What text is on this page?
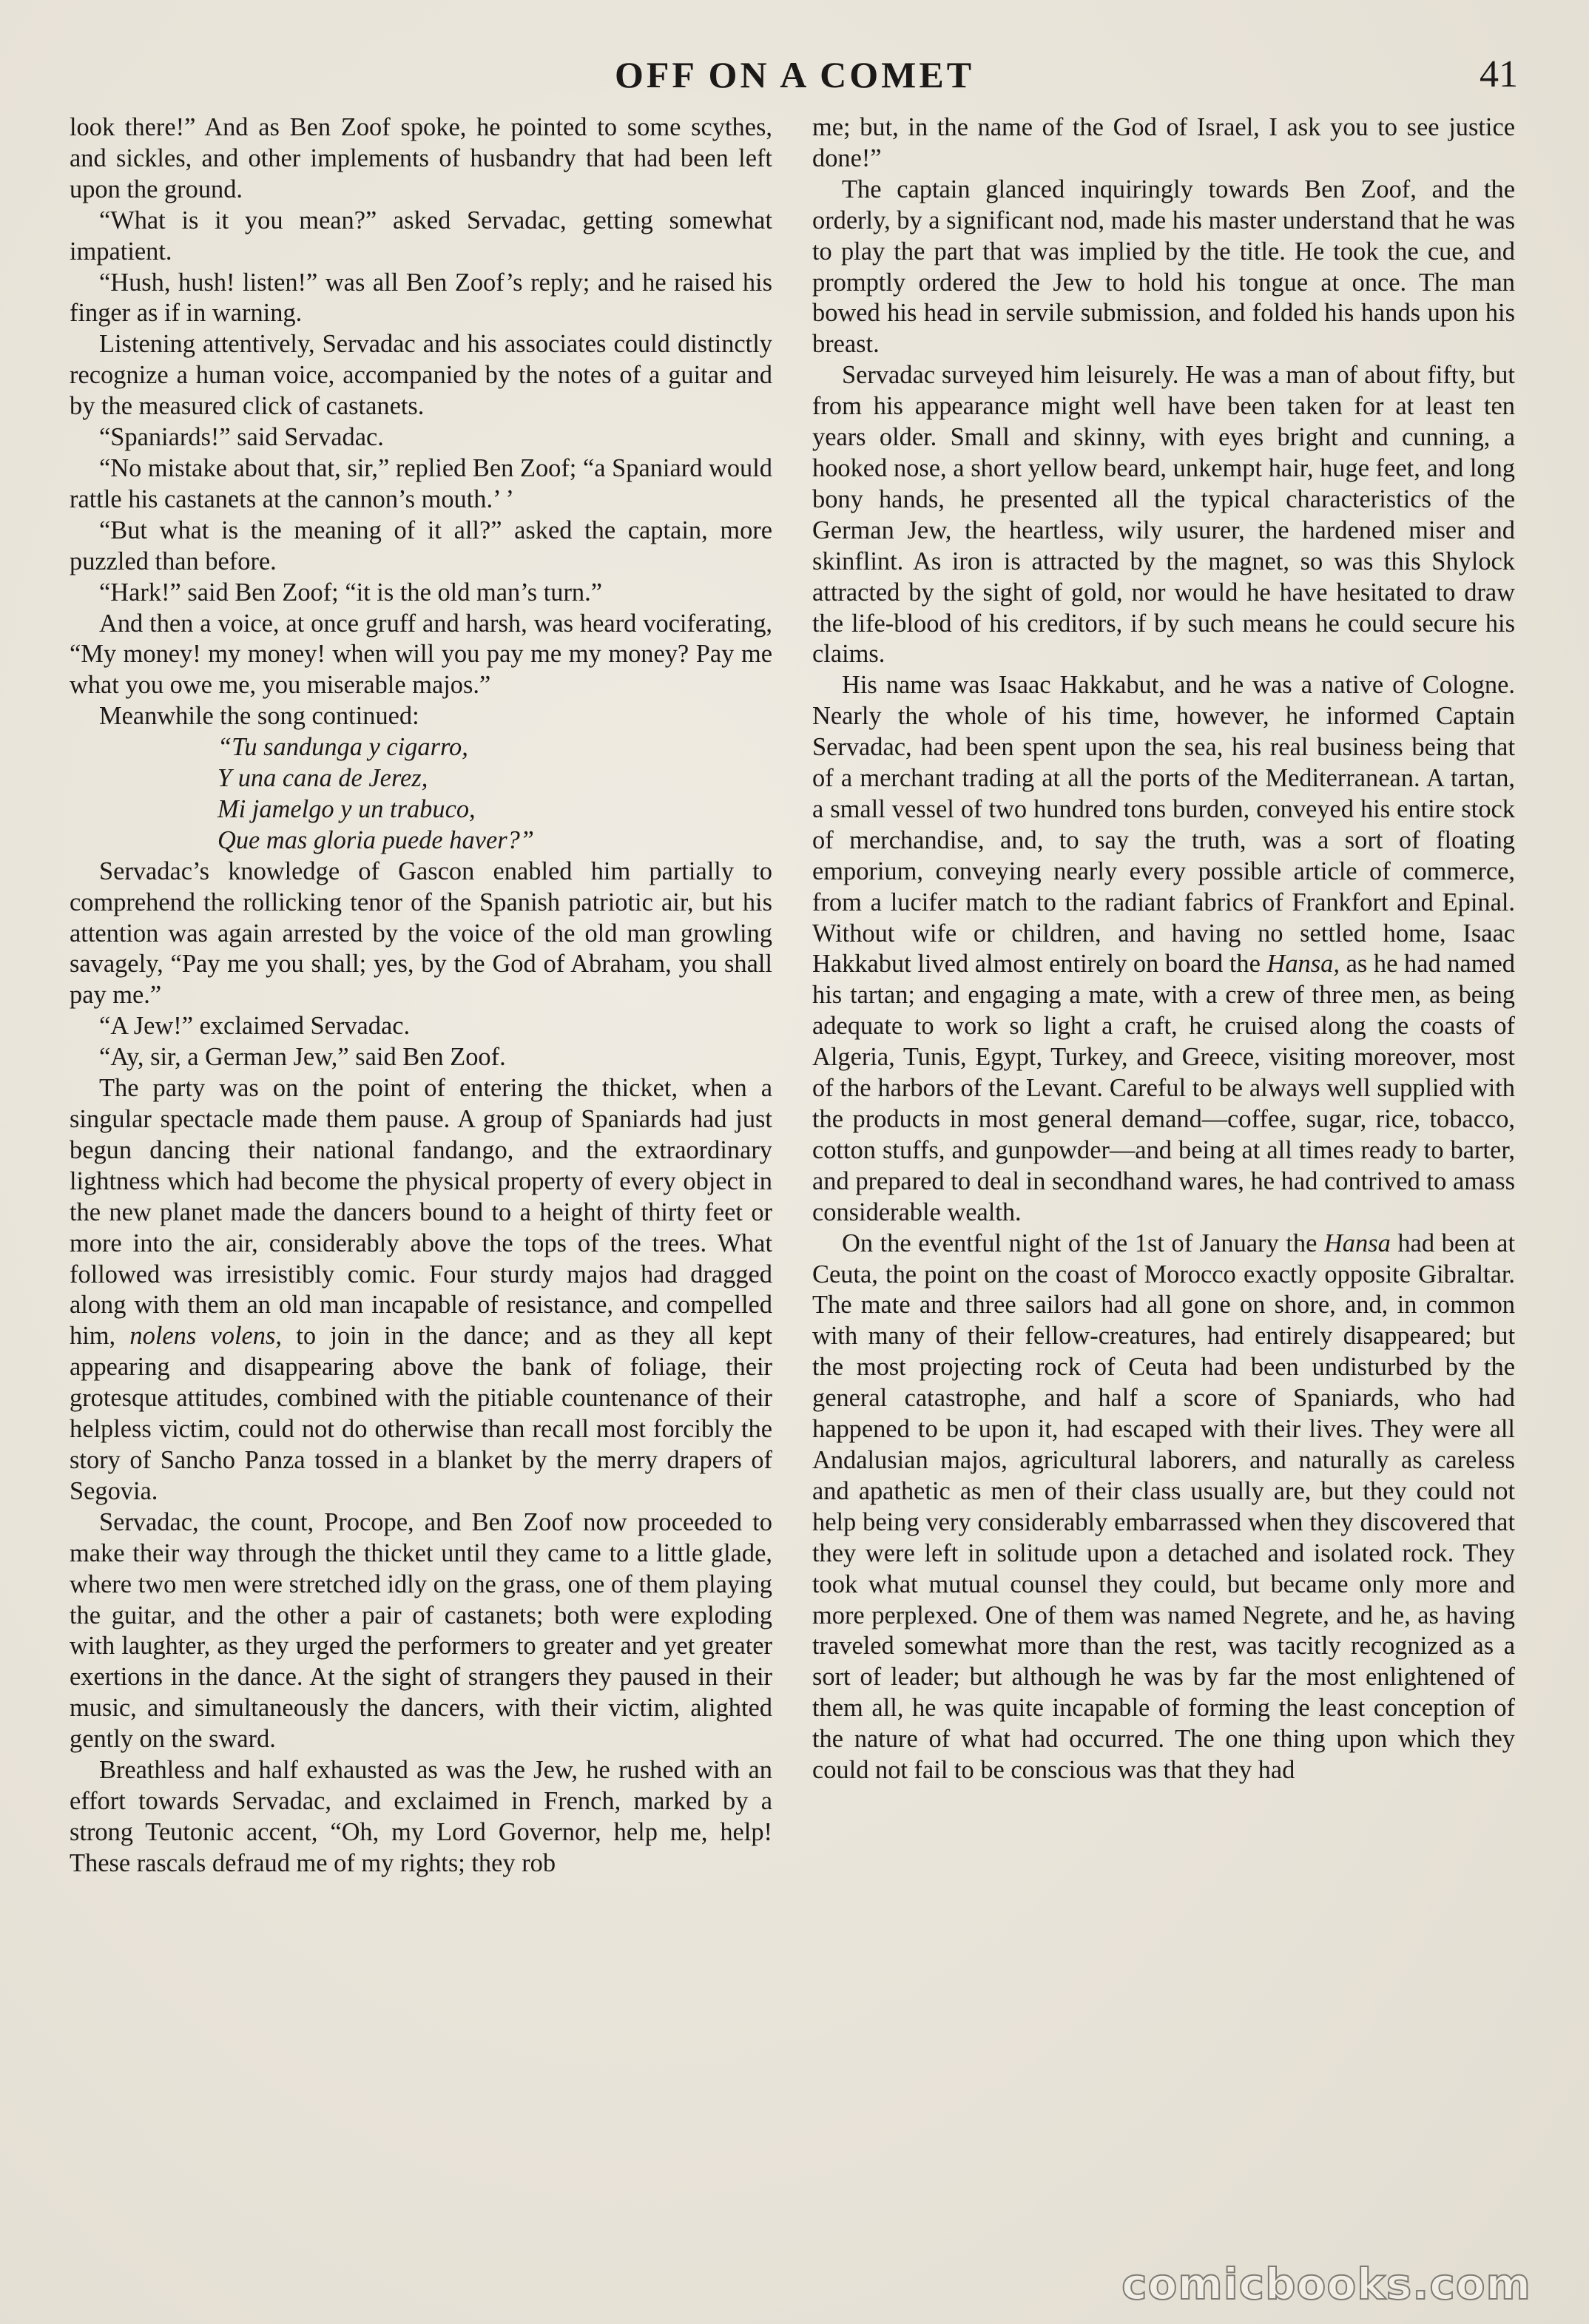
OFF ON A COMET	41

look there!” And as Ben Zoof spoke, he pointed to some scythes, and sickles, and other implements of husbandry that had been left upon the ground.

“What is it you mean?” asked Servadac, getting somewhat impatient.

“Hush, hush! listen!” was all Ben Zoof’s reply; and he raised his finger as if in warning.

Listening attentively, Servadac and his associates could distinctly recognize a human voice, accompanied by the notes of a guitar and by the measured click of castanets.

“Spaniards!” said Servadac.

“No mistake about that, sir,” replied Ben Zoof; “a Spaniard would rattle his castanets at the cannon’s mouth.’ ’

“But what is the meaning of it all?” asked the captain, more puzzled than before.

“Hark!” said Ben Zoof; “it is the old man’s turn.”

And then a voice, at once gruff and harsh, was heard vociferating, “My money! my money! when will you pay me my money? Pay me what you owe me, you miserable majos.”

Meanwhile the song continued:

“Tu sandunga y cigarro,
Y una cana de Jerez,
Mi jamelgo y un trabuco,
Que mas gloria puede haver?”

Servadac’s knowledge of Gascon enabled him partially to comprehend the rollicking tenor of the Spanish patriotic air, but his attention was again arrested by the voice of the old man growling savagely, “Pay me you shall; yes, by the God of Abraham, you shall pay me.”

“A Jew!” exclaimed Servadac.

“Ay, sir, a German Jew,” said Ben Zoof.

The party was on the point of entering the thicket, when a singular spectacle made them pause. A group of Spaniards had just begun dancing their national fandango, and the extraordinary lightness which had become the physical property of every object in the new planet made the dancers bound to a height of thirty feet or more into the air, considerably above the tops of the trees. What followed was irresistibly comic. Four sturdy majos had dragged along with them an old man incapable of resistance, and compelled him, nolens volens, to join in the dance; and as they all kept appearing and disappearing above the bank of foliage, their grotesque attitudes, combined with the pitiable countenance of their helpless victim, could not do otherwise than recall most forcibly the story of Sancho Panza tossed in a blanket by the merry drapers of Segovia.

Servadac, the count, Procope, and Ben Zoof now proceeded to make their way through the thicket until they came to a little glade, where two men were stretched idly on the grass, one of them playing the guitar, and the other a pair of castanets; both were exploding with laughter, as they urged the performers to greater and yet greater exertions in the dance. At the sight of strangers they paused in their music, and simultaneously the dancers, with their victim, alighted gently on the sward.

Breathless and half exhausted as was the Jew, he rushed with an effort towards Servadac, and exclaimed in French, marked by a strong Teutonic accent, “Oh, my Lord Governor, help me, help! These rascals defraud me of my rights; they rob

me; but, in the name of the God of Israel, I ask you to see justice done!”

The captain glanced inquiringly towards Ben Zoof, and the orderly, by a significant nod, made his master understand that he was to play the part that was implied by the title. He took the cue, and promptly ordered the Jew to hold his tongue at once. The man bowed his head in servile submission, and folded his hands upon his breast.

Servadac surveyed him leisurely. He was a man of about fifty, but from his appearance might well have been taken for at least ten years older. Small and skinny, with eyes bright and cunning, a hooked nose, a short yellow beard, unkempt hair, huge feet, and long bony hands, he presented all the typical characteristics of the German Jew, the heartless, wily usurer, the hardened miser and skinflint. As iron is attracted by the magnet, so was this Shylock attracted by the sight of gold, nor would he have hesitated to draw the life-blood of his creditors, if by such means he could secure his claims.

His name was Isaac Hakkabut, and he was a native of Cologne. Nearly the whole of his time, however, he informed Captain Servadac, had been spent upon the sea, his real business being that of a merchant trading at all the ports of the Mediterranean. A tartan, a small vessel of two hundred tons burden, conveyed his entire stock of merchandise, and, to say the truth, was a sort of floating emporium, conveying nearly every possible article of commerce, from a lucifer match to the radiant fabrics of Frankfort and Epinal. Without wife or children, and having no settled home, Isaac Hakkabut lived almost entirely on board the Hansa, as he had named his tartan; and engaging a mate, with a crew of three men, as being adequate to work so light a craft, he cruised along the coasts of Algeria, Tunis, Egypt, Turkey, and Greece, visiting moreover, most of the harbors of the Levant. Careful to be always well supplied with the products in most general demand—coffee, sugar, rice, tobacco, cotton stuffs, and gunpowder—and being at all times ready to barter, and prepared to deal in secondhand wares, he had contrived to amass considerable wealth.

On the eventful night of the 1st of January the Hansa had been at Ceuta, the point on the coast of Morocco exactly opposite Gibraltar. The mate and three sailors had all gone on shore, and, in common with many of their fellow-creatures, had entirely disappeared; but the most projecting rock of Ceuta had been undisturbed by the general catastrophe, and half a score of Spaniards, who had happened to be upon it, had escaped with their lives. They were all Andalusian majos, agricultural laborers, and naturally as careless and apathetic as men of their class usually are, but they could not help being very considerably embarrassed when they discovered that they were left in solitude upon a detached and isolated rock. They took what mutual counsel they could, but became only more and more perplexed. One of them was named Negrete, and he, as having traveled somewhat more than the rest, was tacitly recognized as a sort of leader; but although he was by far the most enlightened of them all, he was quite incapable of forming the least conception of the nature of what had occurred. The one thing upon which they could not fail to be conscious was that they had

comicbooks.com
